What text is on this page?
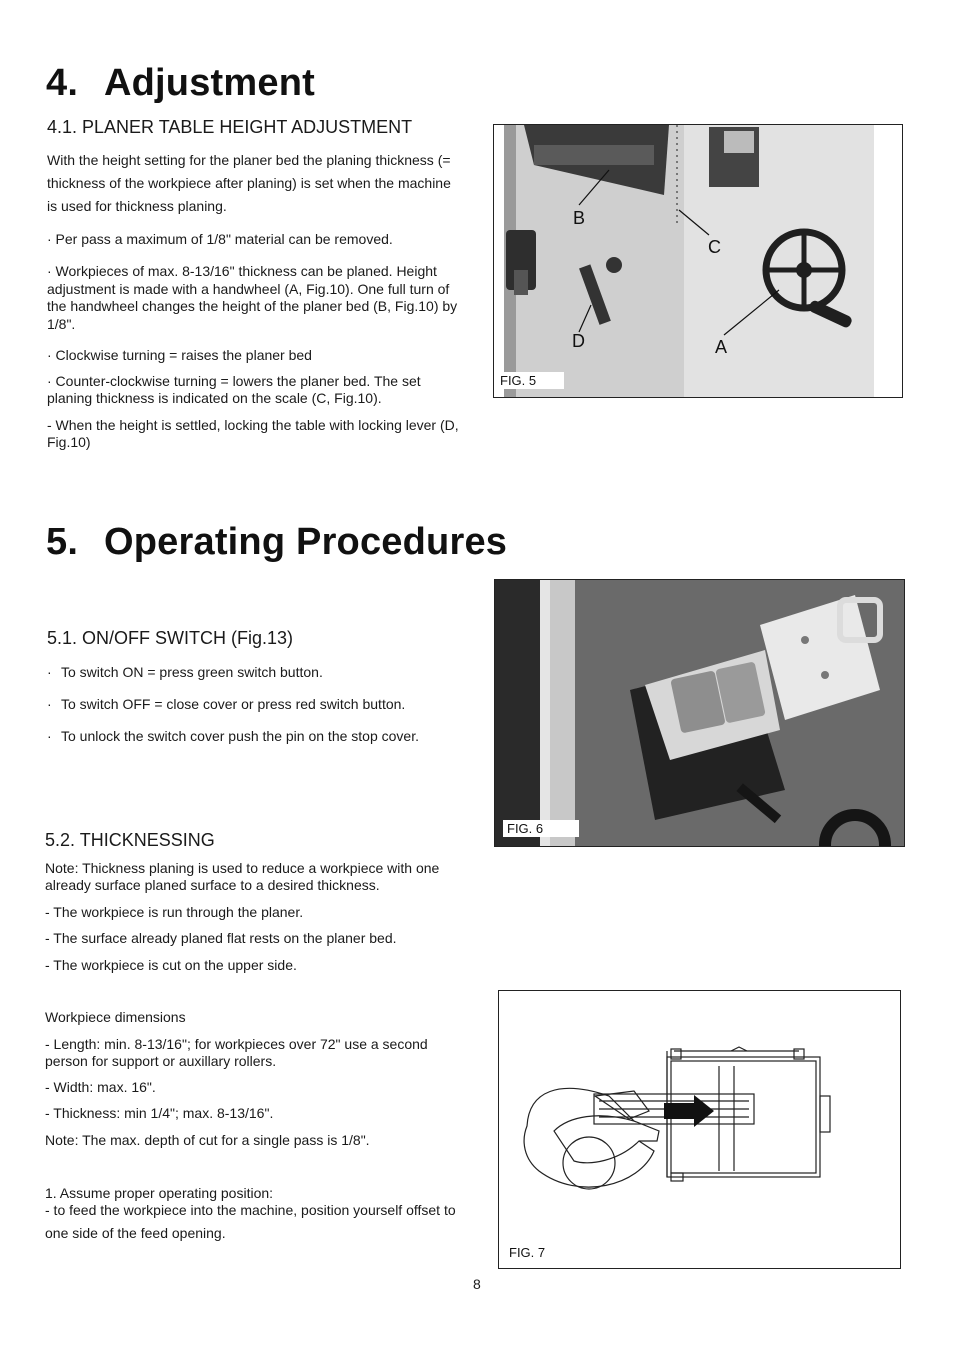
4. Adjustment
4.1. PLANER TABLE HEIGHT ADJUSTMENT
With the height setting for the planer bed the planing thickness (= thickness of the workpiece after planing) is set when the machine is used for thickness planing.
· Per pass a maximum of 1/8" material can be removed.
· Workpieces of max. 8-13/16" thickness can be planed. Height adjustment is made with a handwheel (A, Fig.10). One full turn of the handwheel changes the height of the planer bed (B, Fig.10) by 1/8".
· Clockwise turning = raises the planer bed
· Counter-clockwise turning = lowers the planer bed. The set planing thickness is indicated on the scale (C, Fig.10).
- When the height is settled, locking the table with locking lever (D, Fig.10)
B
C
D	A
FIG. 5
5. Operating Procedures
5.1. ON/OFF SWITCH (Fig.13)
· To switch ON = press green switch button.
· To switch OFF = close cover or press red switch button.
· To unlock the switch cover push the pin on the stop cover.
FIG. 6
5.2. THICKNESSING
Note: Thickness planing is used to reduce a workpiece with one already surface planed surface to a desired thickness.
- The workpiece is run through the planer.
- The surface already planed flat rests on the planer bed.
- The workpiece is cut on the upper side.
Workpiece dimensions
- Length: min. 8-13/16"; for workpieces over 72" use a second person for support or auxillary rollers.
- Width: max. 16".
- Thickness: min 1/4"; max. 8-13/16".
Note: The max. depth of cut for a single pass is 1/8".
1. Assume proper operating position:
- to feed the workpiece into the machine, position yourself offset to one side of the feed opening.
FIG. 7
8
